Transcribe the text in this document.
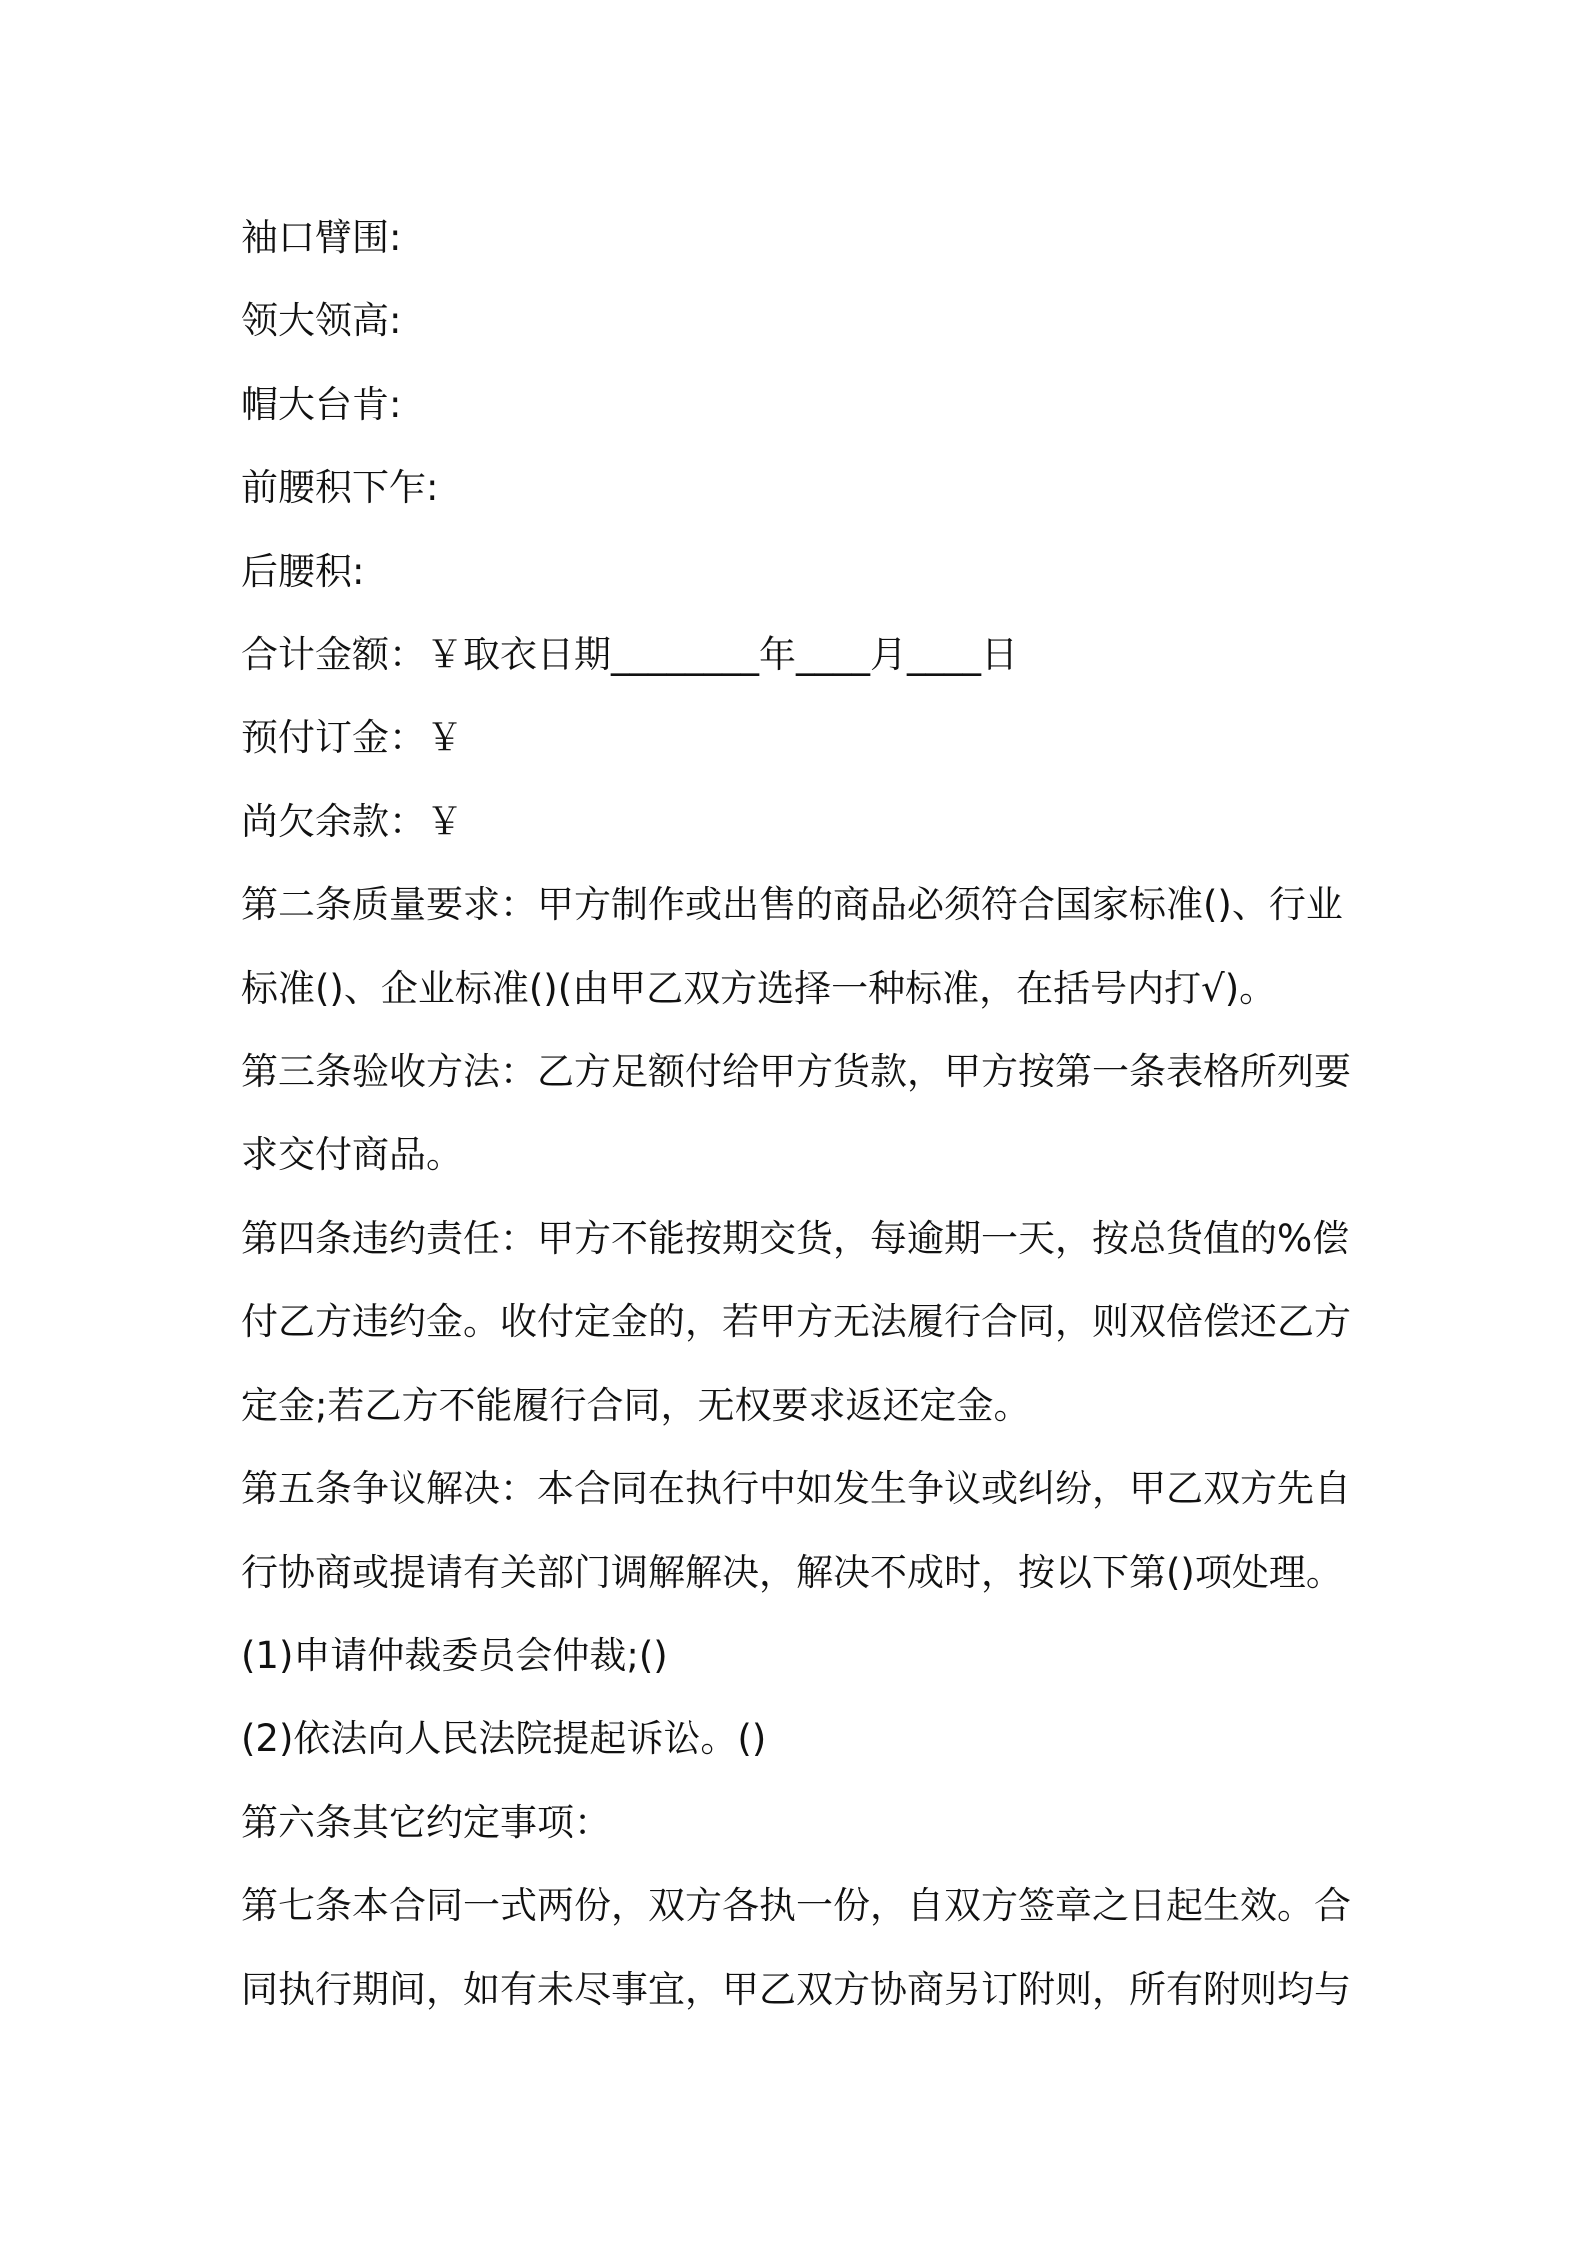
袖口臂围:
领大领高:
帽大台肯:
前腰积下乍:
后腰积:
合计金额：￥取衣日期________年____月____日
预付订金：￥
尚欠余款：￥
第二条质量要求：甲方制作或出售的商品必须符合国家标准()、行业
标准()、企业标准()(由甲乙双方选择一种标准，在括号内打√)。
第三条验收方法：乙方足额付给甲方货款，甲方按第一条表格所列要
求交付商品。
第四条违约责任：甲方不能按期交货，每逾期一天，按总货值的%偿
付乙方违约金。收付定金的，若甲方无法履行合同，则双倍偿还乙方
定金;若乙方不能履行合同，无权要求返还定金。
第五条争议解决：本合同在执行中如发生争议或纠纷，甲乙双方先自
行协商或提请有关部门调解解决，解决不成时，按以下第()项处理。
(1)申请仲裁委员会仲裁;()
(2)依法向人民法院提起诉讼。()
第六条其它约定事项：
第七条本合同一式两份，双方各执一份，自双方签章之日起生效。合
同执行期间，如有未尽事宜，甲乙双方协商另订附则，所有附则均与
